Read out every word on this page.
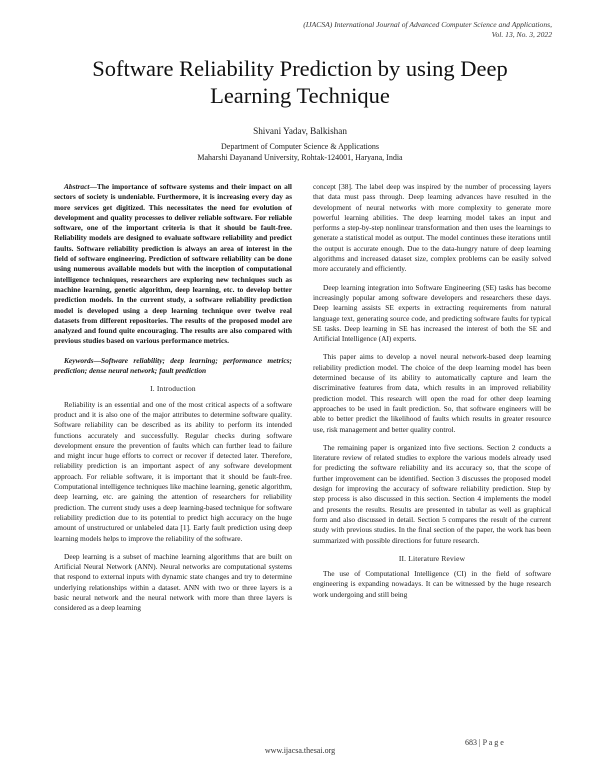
(IJACSA) International Journal of Advanced Computer Science and Applications,
Vol. 13, No. 3, 2022
Software Reliability Prediction by using Deep
Learning Technique
Shivani Yadav, Balkishan
Department of Computer Science & Applications
Maharshi Dayanand University, Rohtak-124001, Haryana, India

Abstract—The importance of software systems and their impact on all sectors of society is undeniable. Furthermore, it is increasing every day as more services get digitized. This necessitates the need for evolution of development and quality processes to deliver reliable software. For reliable software, one of the important criteria is that it should be fault-free. Reliability models are designed to evaluate software reliability and predict faults. Software reliability prediction is always an area of interest in the field of software engineering. Prediction of software reliability can be done using numerous available models but with the inception of computational intelligence techniques, researchers are exploring new techniques such as machine learning, genetic algorithm, deep learning, etc. to develop better prediction models. In the current study, a software reliability prediction model is developed using a deep learning technique over twelve real datasets from different repositories. The results of the proposed model are analyzed and found quite encouraging. The results are also compared with previous studies based on various performance metrics.

Keywords—Software reliability; deep learning; performance metrics; prediction; dense neural network; fault prediction

I. Introduction

Reliability is an essential and one of the most critical aspects of a software product and it is also one of the major attributes to determine software quality. Software reliability can be described as its ability to perform its intended functions accurately and successfully. Regular checks during software development ensure the prevention of faults which can further lead to failure and might incur huge efforts to correct or recover if detected later. Therefore, reliability prediction is an important aspect of any software development approach. For reliable software, it is important that it should be fault-free. Computational intelligence techniques like machine learning, genetic algorithm, deep learning, etc. are gaining the attention of researchers for reliability prediction. The current study uses a deep learning-based technique for software reliability prediction due to its potential to predict high accuracy on the huge amount of unstructured or unlabeled data [1]. Early fault prediction using deep learning models helps to improve the reliability of the software.

Deep learning is a subset of machine learning algorithms that are built on Artificial Neural Network (ANN). Neural networks are computational systems that respond to external inputs with dynamic state changes and try to determine underlying relationships within a dataset. ANN with two or three layers is a basic neural network and the neural network with more than three layers is considered as a deep learning

concept [38]. The label deep was inspired by the number of processing layers that data must pass through. Deep learning advances have resulted in the development of neural networks with more complexity to generate more powerful learning abilities. The deep learning model takes an input and performs a step-by-step nonlinear transformation and then uses the learnings to generate a statistical model as output. The model continues these iterations until the output is accurate enough. Due to the data-hungry nature of deep learning algorithms and increased dataset size, complex problems can be easily solved more accurately and efficiently.

Deep learning integration into Software Engineering (SE) tasks has become increasingly popular among software developers and researchers these days. Deep learning assists SE experts in extracting requirements from natural language text, generating source code, and predicting software faults for typical SE tasks. Deep learning in SE has increased the interest of both the SE and Artificial Intelligence (AI) experts.

This paper aims to develop a novel neural network-based deep learning reliability prediction model. The choice of the deep learning model has been determined because of its ability to automatically capture and learn the discriminative features from data, which results in an improved reliability prediction model. This research will open the road for other deep learning approaches to be used in fault prediction. So, that software engineers will be able to better predict the likelihood of faults which results in greater resource use, risk management and better quality control.

The remaining paper is organized into five sections. Section 2 conducts a literature review of related studies to explore the various models already used for predicting the software reliability and its accuracy so, that the scope of further improvement can be identified. Section 3 discusses the proposed model design for improving the accuracy of software reliability prediction. Step by step process is also discussed in this section. Section 4 implements the model and presents the results. Results are presented in tabular as well as graphical form and also discussed in detail. Section 5 compares the result of the current study with previous studies. In the final section of the paper, the work has been summarized with possible directions for future research.

II. Literature Review

The use of Computational Intelligence (CI) in the field of software engineering is expanding nowadays. It can be witnessed by the huge research work undergoing and still being

683 | P a g e
www.ijacsa.thesai.org
